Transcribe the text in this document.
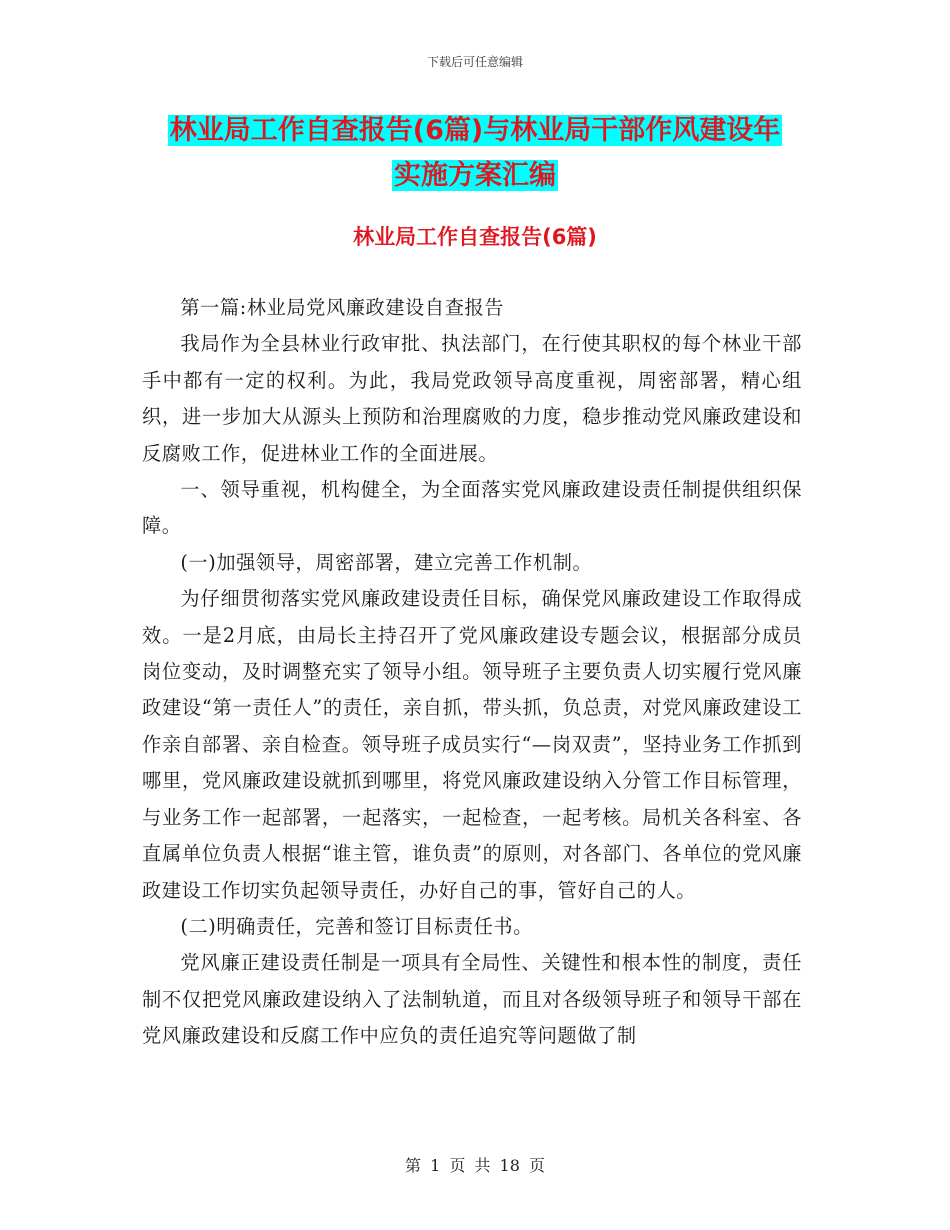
下载后可任意编辑
林业局工作自查报告(6篇)与林业局干部作风建设年
实施方案汇编
林业局工作自查报告(6篇)

第一篇:林业局党风廉政建设自查报告

我局作为全县林业行政审批、执法部门，在行使其职权的每个林业干部手中都有一定的权利。为此，我局党政领导高度重视，周密部署，精心组织，进一步加大从源头上预防和治理腐败的力度，稳步推动党风廉政建设和反腐败工作，促进林业工作的全面进展。

一、领导重视，机构健全，为全面落实党风廉政建设责任制提供组织保障。

(一)加强领导，周密部署，建立完善工作机制。

为仔细贯彻落实党风廉政建设责任目标，确保党风廉政建设工作取得成效。一是2月底，由局长主持召开了党风廉政建设专题会议，根据部分成员岗位变动，及时调整充实了领导小组。领导班子主要负责人切实履行党风廉政建设“第一责任人”的责任，亲自抓，带头抓，负总责，对党风廉政建设工作亲自部署、亲自检查。领导班子成员实行“—岗双责”，坚持业务工作抓到哪里，党风廉政建设就抓到哪里，将党风廉政建设纳入分管工作目标管理，与业务工作一起部署，一起落实，一起检查，一起考核。局机关各科室、各直属单位负责人根据“谁主管，谁负责”的原则，对各部门、各单位的党风廉政建设工作切实负起领导责任，办好自己的事，管好自己的人。

(二)明确责任，完善和签订目标责任书。

党风廉正建设责任制是一项具有全局性、关键性和根本性的制度，责任制不仅把党风廉政建设纳入了法制轨道，而且对各级领导班子和领导干部在党风廉政建设和反腐工作中应负的责任追究等问题做了制

第 1 页 共 18 页
